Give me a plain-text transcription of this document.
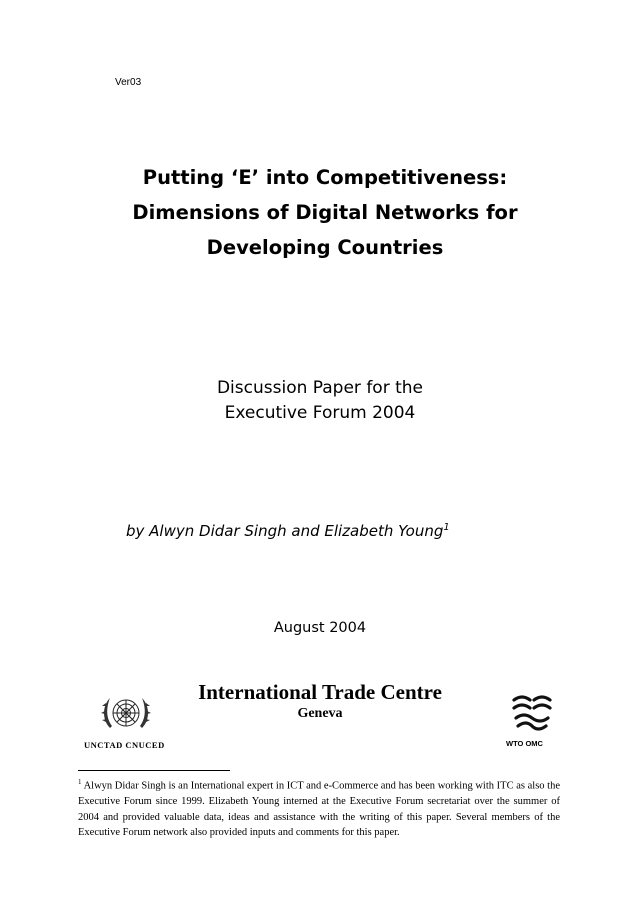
Ver03
Putting ‘E’ into Competitiveness:
Dimensions of Digital Networks for
Developing Countries
Discussion Paper for the
Executive Forum 2004
by Alwyn Didar Singh and Elizabeth Young$^1$
August 2004
International Trade Centre
Geneva
UNCTAD CNUCED	WTO OMC
$^1$ Alwyn Didar Singh is an International expert in ICT and e-Commerce and has been working with ITC as also the Executive Forum since 1999. Elizabeth Young interned at the Executive Forum secretariat over the summer of 2004 and provided valuable data, ideas and assistance with the writing of this paper. Several members of the Executive Forum network also provided inputs and comments for this paper.
